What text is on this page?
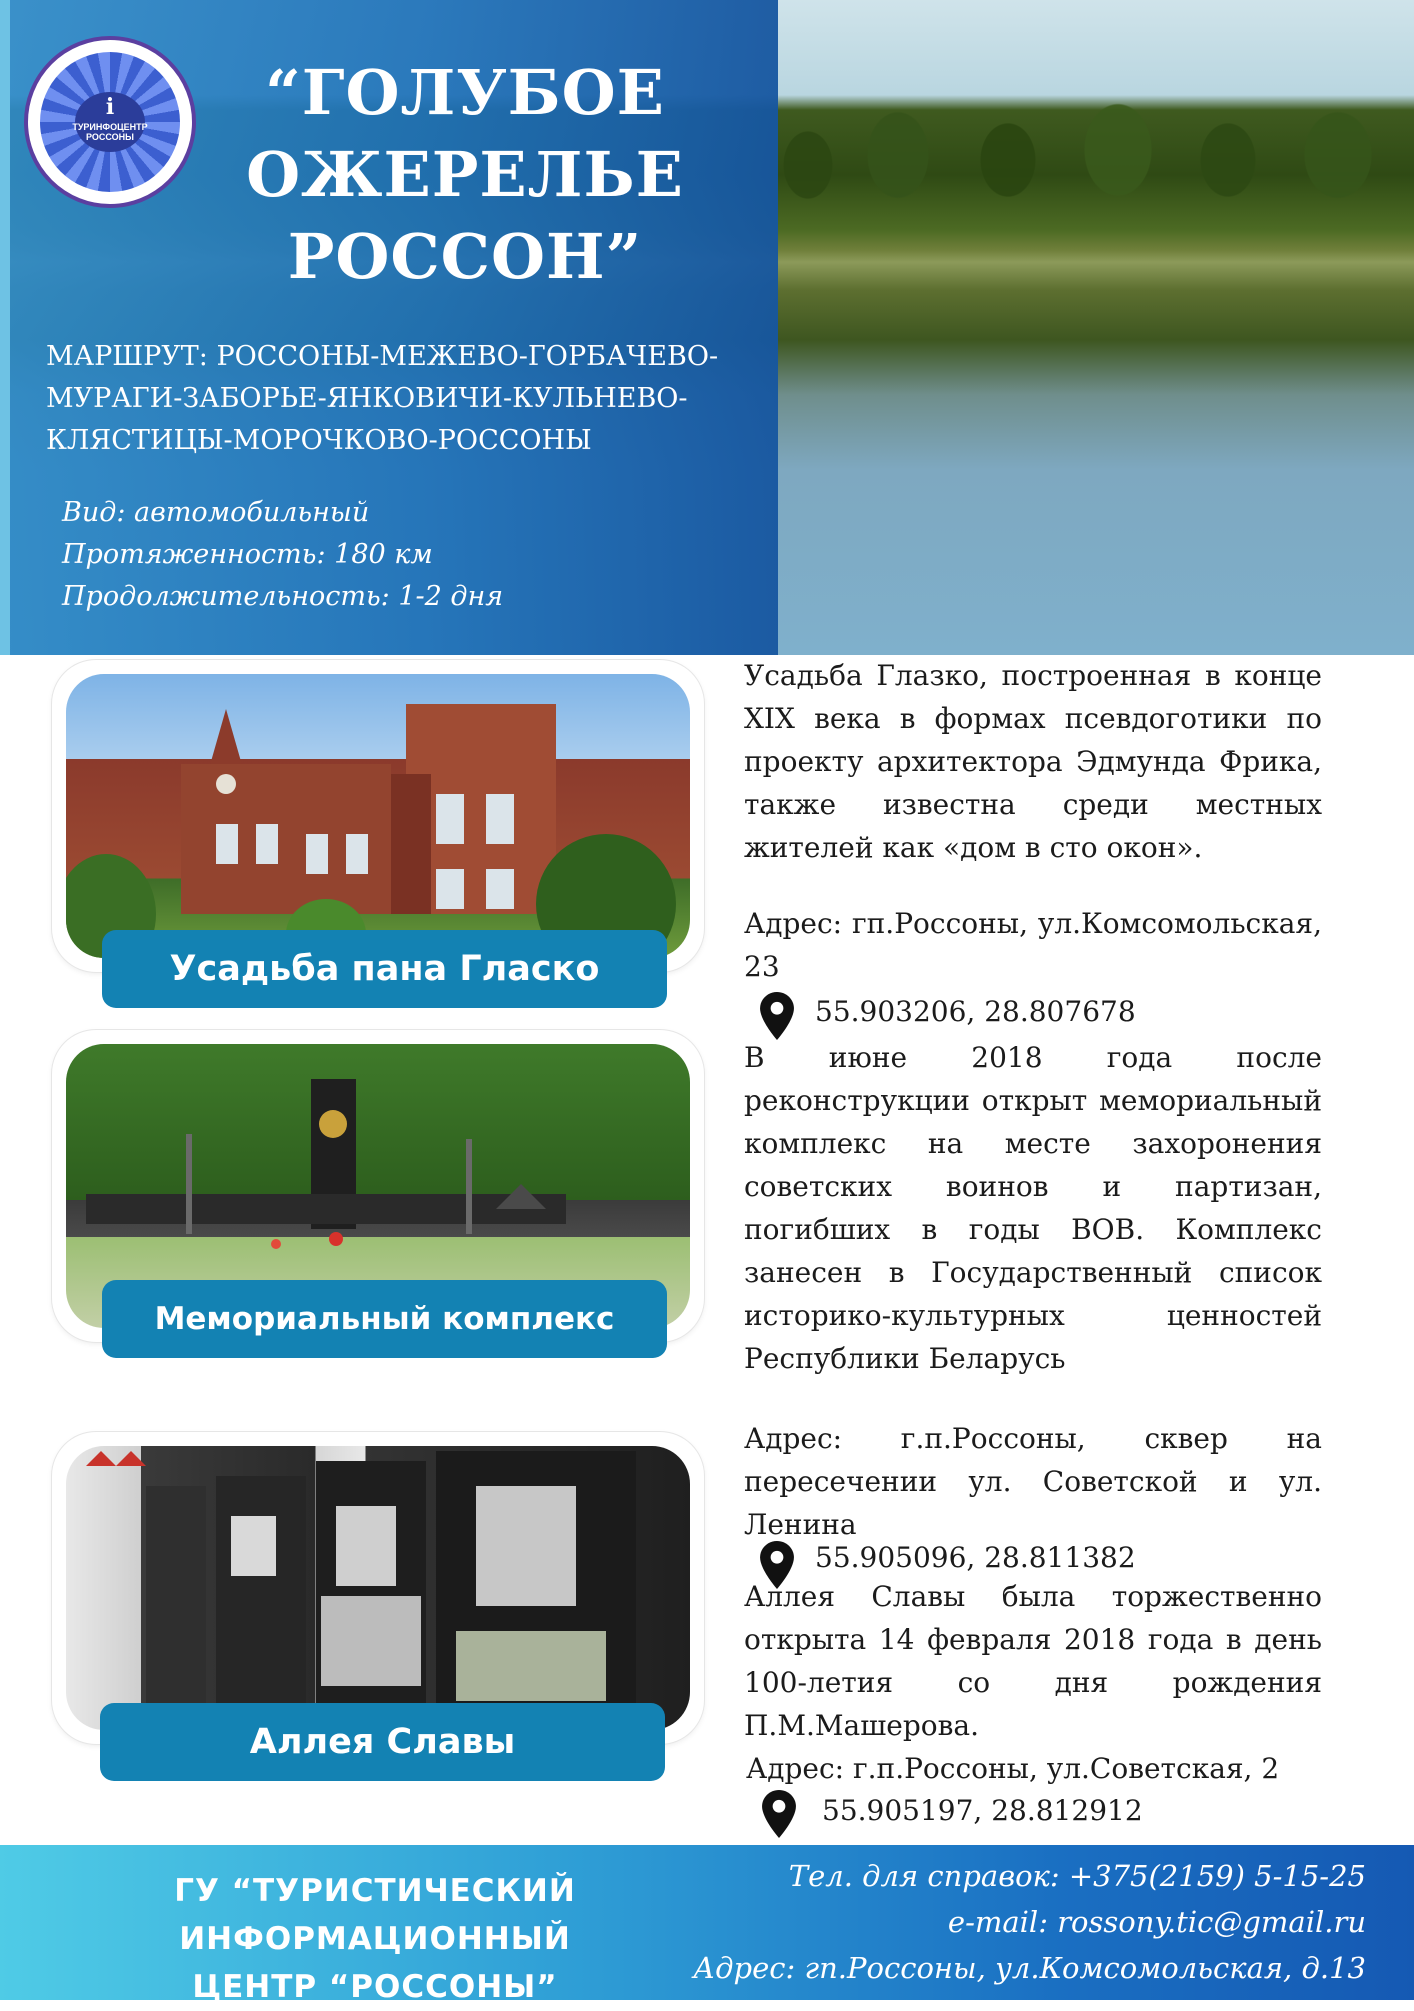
i
ТУРИНФОЦЕНТР
РОССОНЫ
“ГОЛУБОЕ
ОЖЕРЕЛЬЕ
РОССОН”
МАРШРУТ: РОССОНЫ-МЕЖЕВО-ГОРБАЧЕВО-
МУРАГИ-ЗАБОРЬЕ-ЯНКОВИЧИ-КУЛЬНЕВО-
КЛЯСТИЦЫ-МОРОЧКОВО-РОССОНЫ
Вид: автомобильный
Протяженность: 180 км
Продолжительность: 1-2 дня
Усадьба пана Гласко
Мемориальный комплекс
Аллея Славы
Усадьба Глазко, построенная в конце XIX века в формах псевдоготики по проекту архитектора Эдмунда Фрика, также известна среди местных жителей как «дом в сто окон».
Адрес: гп.Россоны, ул.Комсомольская, 23
55.903206, 28.807678
В июне 2018 года после реконструкции открыт мемориальный комплекс на месте захоронения советских воинов и партизан, погибших в годы ВОВ. Комплекс занесен в Государственный список историко-культурных ценностей Республики Беларусь
Адрес: г.п.Россоны, сквер на пересечении ул. Советской и ул. Ленина
55.905096, 28.811382
Аллея Славы была торжественно открыта 14 февраля 2018 года в день 100-летия со дня рождения П.М.Машерова.
Адрес: г.п.Россоны, ул.Советская, 2
55.905197, 28.812912
ГУ “ТУРИСТИЧЕСКИЙ ИНФОРМАЦИОННЫЙ
ЦЕНТР “РОССОНЫ”
Тел. для справок: +375(2159) 5-15-25
e-mail: rossony.tic@gmail.ru
Адрес: гп.Россоны, ул.Комсомольская, д.13
